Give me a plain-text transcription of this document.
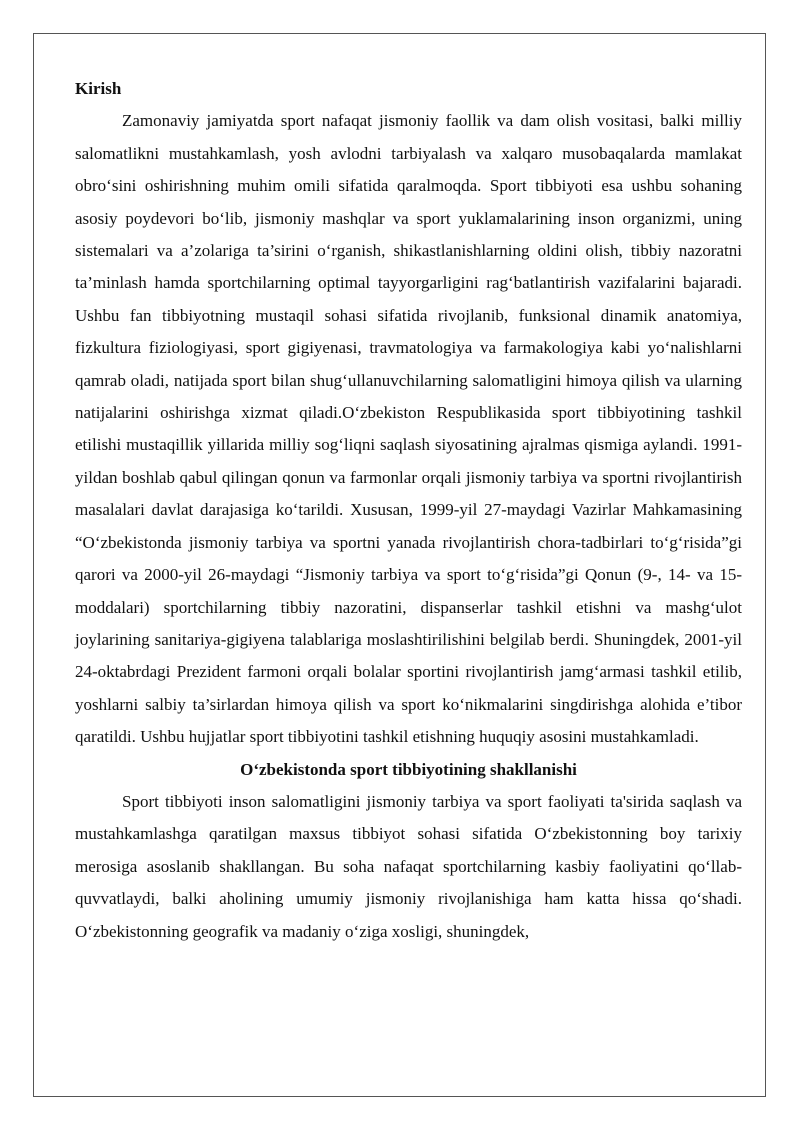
Kirish

Zamonaviy jamiyatda sport nafaqat jismoniy faollik va dam olish vositasi, balki milliy salomatlikni mustahkamlash, yosh avlodni tarbiyalash va xalqaro musobaqalarda mamlakat obro‘sini oshirishning muhim omili sifatida qaralmoqda. Sport tibbiyoti esa ushbu sohaning asosiy poydevori bo‘lib, jismoniy mashqlar va sport yuklamalarining inson organizmi, uning sistemalari va a’zolariga ta’sirini o‘rganish, shikastlanishlarning oldini olish, tibbiy nazoratni ta’minlash hamda sportchilarning optimal tayyorgarligini rag‘batlantirish vazifalarini bajaradi. Ushbu fan tibbiyotning mustaqil sohasi sifatida rivojlanib, funksional dinamik anatomiya, fizkultura fiziologiyasi, sport gigiyenasi, travmatologiya va farmakologiya kabi yo‘nalishlarni qamrab oladi, natijada sport bilan shug‘ullanuvchilarning salomatligini himoya qilish va ularning natijalarini oshirishga xizmat qiladi.O‘zbekiston Respublikasida sport tibbiyotining tashkil etilishi mustaqillik yillarida milliy sog‘liqni saqlash siyosatining ajralmas qismiga aylandi. 1991-yildan boshlab qabul qilingan qonun va farmonlar orqali jismoniy tarbiya va sportni rivojlantirish masalalari davlat darajasiga ko‘tarildi. Xususan, 1999-yil 27-maydagi Vazirlar Mahkamasining “O‘zbekistonda jismoniy tarbiya va sportni yanada rivojlantirish chora-tadbirlari to‘g‘risida”gi qarori va 2000-yil 26-maydagi “Jismoniy tarbiya va sport to‘g‘risida”gi Qonun (9-, 14- va 15-moddalari) sportchilarning tibbiy nazoratini, dispanserlar tashkil etishni va mashg‘ulot joylarining sanitariya-gigiyena talablariga moslashtirilishini belgilab berdi. Shuningdek, 2001-yil 24-oktabrdagi Prezident farmoni orqali bolalar sportini rivojlantirish jamg‘armasi tashkil etilib, yoshlarni salbiy ta’sirlardan himoya qilish va sport ko‘nikmalarini singdirishga alohida e’tibor qaratildi. Ushbu hujjatlar sport tibbiyotini tashkil etishning huquqiy asosini mustahkamladi.

O‘zbekistonda sport tibbiyotining shakllanishi

Sport tibbiyoti inson salomatligini jismoniy tarbiya va sport faoliyati ta'sirida saqlash va mustahkamlashga qaratilgan maxsus tibbiyot sohasi sifatida O‘zbekistonning boy tarixiy merosiga asoslanib shakllangan. Bu soha nafaqat sportchilarning kasbiy faoliyatini qo‘llab-quvvatlaydi, balki aholining umumiy jismoniy rivojlanishiga ham katta hissa qo‘shadi. O‘zbekistonning geografik va madaniy o‘ziga xosligi, shuningdek,
